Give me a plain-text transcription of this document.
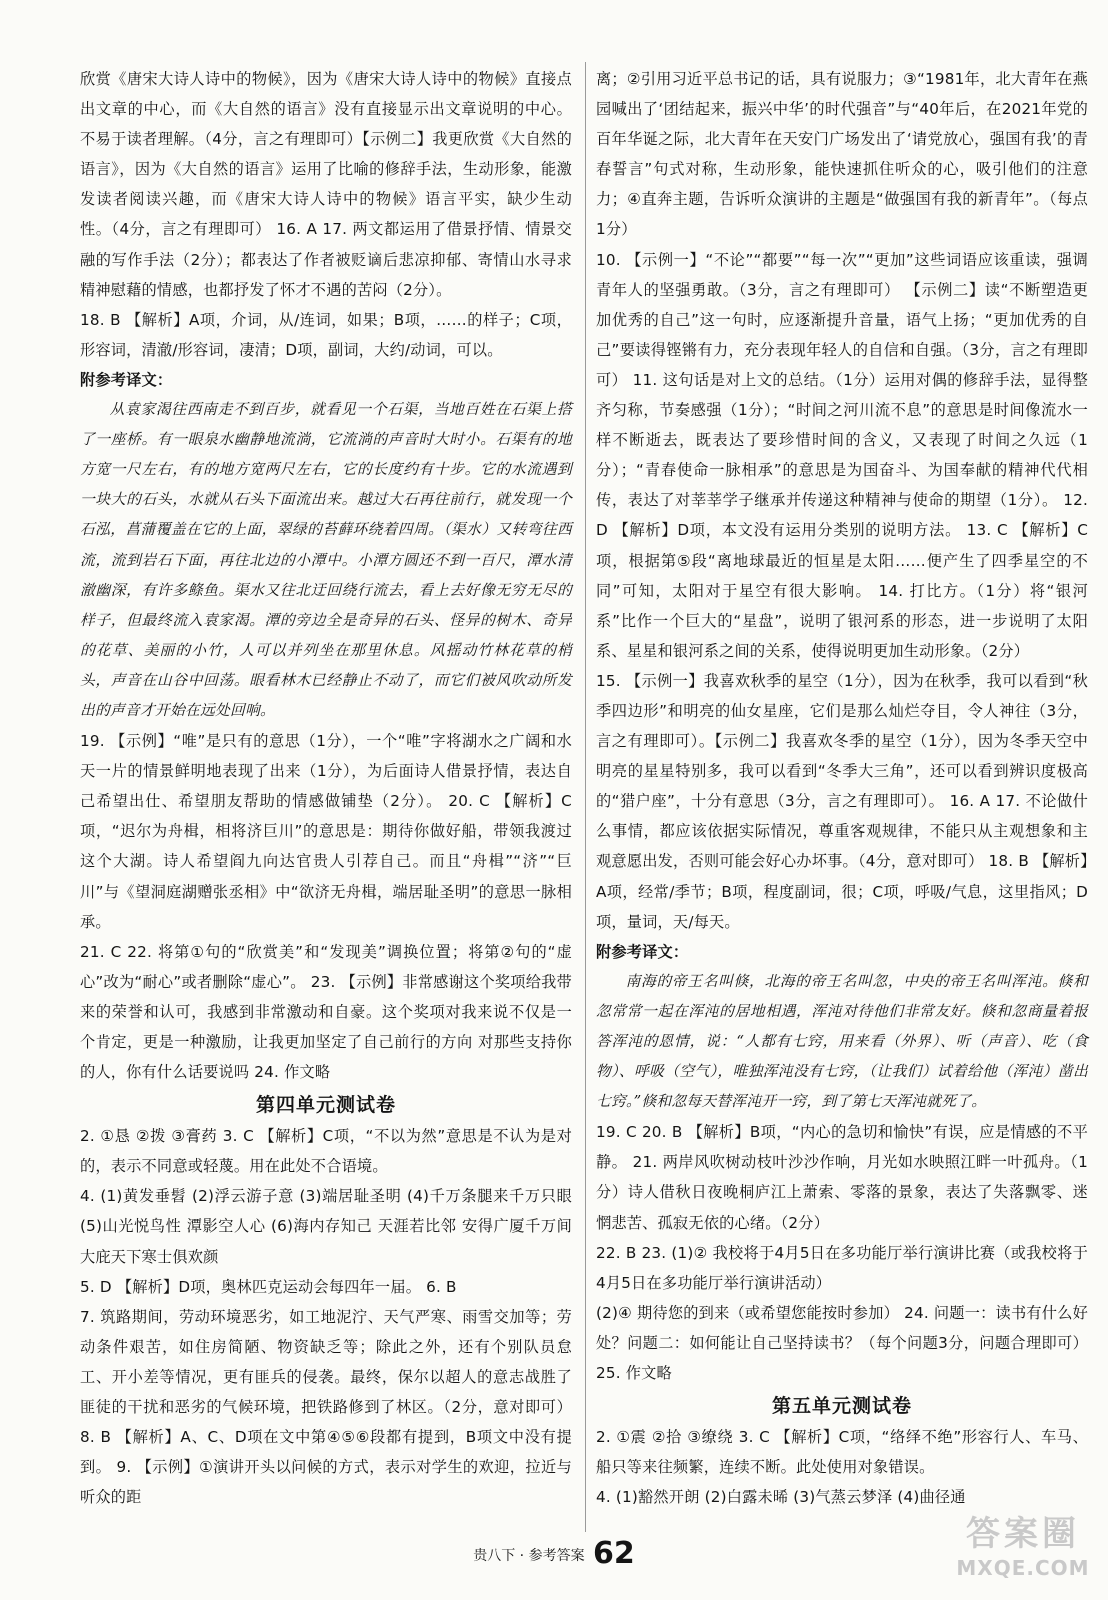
欣赏《唐宋大诗人诗中的物候》，因为《唐宋大诗人诗中的物候》直接点出文章的中心，而《大自然的语言》没有直接显示出文章说明的中心。不易于读者理解。（4分，言之有理即可）【示例二】我更欣赏《大自然的语言》，因为《大自然的语言》运用了比喻的修辞手法，生动形象，能激发读者阅读兴趣，而《唐宋大诗人诗中的物候》语言平实，缺少生动性。（4分，言之有理即可） 16. A 17. 两文都运用了借景抒情、情景交融的写作手法（2分）；都表达了作者被贬谪后悲凉抑郁、寄情山水寻求精神慰藉的情感，也都抒发了怀才不遇的苦闷（2分）。

18. B 【解析】A项，介词，从/连词，如果；B项，……的样子；C项，形容词，清澈/形容词，凄清；D项，副词，大约/动词，可以。

附参考译文：

从袁家渴往西南走不到百步，就看见一个石渠，当地百姓在石渠上搭了一座桥。有一眼泉水幽静地流淌，它流淌的声音时大时小。石渠有的地方宽一尺左右，有的地方宽两尺左右，它的长度约有十步。它的水流遇到一块大的石头，水就从石头下面流出来。越过大石再往前行，就发现一个石泓，菖蒲覆盖在它的上面，翠绿的苔藓环绕着四周。（渠水）又转弯往西流，流到岩石下面，再往北边的小潭中。小潭方圆还不到一百尺，潭水清澈幽深，有许多鲦鱼。渠水又往北迂回绕行流去，看上去好像无穷无尽的样子，但最终流入袁家渴。潭的旁边全是奇异的石头、怪异的树木、奇异的花草、美丽的小竹，人可以并列坐在那里休息。风摇动竹林花草的梢头，声音在山谷中回荡。眼看林木已经静止不动了，而它们被风吹动所发出的声音才开始在远处回响。

19. 【示例】“唯”是只有的意思（1分），一个“唯”字将湖水之广阔和水天一片的情景鲜明地表现了出来（1分），为后面诗人借景抒情，表达自己希望出仕、希望朋友帮助的情感做铺垫（2分）。 20. C 【解析】C项，“迟尔为舟楫，相将济巨川”的意思是：期待你做好船，带领我渡过这个大湖。诗人希望阎九向达官贵人引荐自己。而且“舟楫”“济”“巨川”与《望洞庭湖赠张丞相》中“欲济无舟楫，端居耻圣明”的意思一脉相承。

21. C 22. 将第①句的“欣赏美”和“发现美”调换位置；将第②句的“虚心”改为“耐心”或者删除“虚心”。 23. 【示例】非常感谢这个奖项给我带来的荣誉和认可，我感到非常激动和自豪。这个奖项对我来说不仅是一个肯定，更是一种激励，让我更加坚定了自己前行的方向 对那些支持你的人，你有什么话要说吗 24. 作文略

第四单元测试卷

2. ①恳 ②拨 ③膏药 3. C 【解析】C项，“不以为然”意思是不认为是对的，表示不同意或轻蔑。用在此处不合语境。

4. (1)黄发垂髫 (2)浮云游子意 (3)端居耻圣明 (4)千万条腿来千万只眼 (5)山光悦鸟性 潭影空人心 (6)海内存知己 天涯若比邻 安得广厦千万间 大庇天下寒士俱欢颜

5. D 【解析】D项，奥林匹克运动会每四年一届。 6. B

7. 筑路期间，劳动环境恶劣，如工地泥泞、天气严寒、雨雪交加等；劳动条件艰苦，如住房简陋、物资缺乏等；除此之外，还有个别队员怠工、开小差等情况，更有匪兵的侵袭。最终，保尔以超人的意志战胜了匪徒的干扰和恶劣的气候环境，把铁路修到了林区。（2分，意对即可） 8. B 【解析】A、C、D项在文中第④⑤⑥段都有提到，B项文中没有提到。 9. 【示例】①演讲开头以问候的方式，表示对学生的欢迎，拉近与听众的距

离；②引用习近平总书记的话，具有说服力；③“1981年，北大青年在燕园喊出了‘团结起来，振兴中华’的时代强音”与“40年后，在2021年党的百年华诞之际，北大青年在天安门广场发出了‘请党放心，强国有我’的青春誓言”句式对称，生动形象，能快速抓住听众的心，吸引他们的注意力；④直奔主题，告诉听众演讲的主题是“做强国有我的新青年”。（每点1分）

10. 【示例一】“不论”“都要”“每一次”“更加”这些词语应该重读，强调青年人的坚强勇敢。（3分，言之有理即可） 【示例二】读“不断塑造更加优秀的自己”这一句时，应逐渐提升音量，语气上扬；“更加优秀的自己”要读得铿锵有力，充分表现年轻人的自信和自强。（3分，言之有理即可） 11. 这句话是对上文的总结。（1分）运用对偶的修辞手法，显得整齐匀称，节奏感强（1分）；“时间之河川流不息”的意思是时间像流水一样不断逝去，既表达了要珍惜时间的含义，又表现了时间之久远（1分）；“青春使命一脉相承”的意思是为国奋斗、为国奉献的精神代代相传，表达了对莘莘学子继承并传递这种精神与使命的期望（1分）。 12. D 【解析】D项，本文没有运用分类别的说明方法。 13. C 【解析】C项，根据第⑤段“离地球最近的恒星是太阳……便产生了四季星空的不同”可知，太阳对于星空有很大影响。 14. 打比方。（1分）将“银河系”比作一个巨大的“星盘”，说明了银河系的形态，进一步说明了太阳系、星星和银河系之间的关系，使得说明更加生动形象。（2分）

15. 【示例一】我喜欢秋季的星空（1分），因为在秋季，我可以看到“秋季四边形”和明亮的仙女星座，它们是那么灿烂夺目，令人神往（3分，言之有理即可）。【示例二】我喜欢冬季的星空（1分），因为冬季天空中明亮的星星特别多，我可以看到“冬季大三角”，还可以看到辨识度极高的“猎户座”，十分有意思（3分，言之有理即可）。 16. A 17. 不论做什么事情，都应该依据实际情况，尊重客观规律，不能只从主观想象和主观意愿出发，否则可能会好心办坏事。（4分，意对即可） 18. B 【解析】A项，经常/季节；B项，程度副词，很；C项，呼吸/气息，这里指风；D项，量词，天/每天。

附参考译文：

南海的帝王名叫倏，北海的帝王名叫忽，中央的帝王名叫浑沌。倏和忽常常一起在浑沌的居地相遇，浑沌对待他们非常友好。倏和忽商量着报答浑沌的恩情，说：“人都有七窍，用来看（外界）、听（声音）、吃（食物）、呼吸（空气），唯独浑沌没有七窍，（让我们）试着给他（浑沌）凿出七窍。”倏和忽每天替浑沌开一窍，到了第七天浑沌就死了。

19. C 20. B 【解析】B项，“内心的急切和愉快”有误，应是情感的不平静。 21. 两岸风吹树动枝叶沙沙作响，月光如水映照江畔一叶孤舟。（1分）诗人借秋日夜晚桐庐江上萧索、零落的景象，表达了失落飘零、迷惘悲苦、孤寂无依的心绪。（2分）

22. B 23. (1)② 我校将于4月5日在多功能厅举行演讲比赛（或我校将于4月5日在多功能厅举行演讲活动）

(2)④ 期待您的到来（或希望您能按时参加） 24. 问题一：读书有什么好处？问题二：如何能让自己坚持读书？（每个问题3分，问题合理即可） 25. 作文略

第五单元测试卷

2. ①震 ②拾 ③缭绕 3. C 【解析】C项，“络绎不绝”形容行人、车马、船只等来往频繁，连续不断。此处使用对象错误。

4. (1)豁然开朗 (2)白露未晞 (3)气蒸云梦泽 (4)曲径通

贵八下 · 参考答案 62	答案圈
MXQE.COM
